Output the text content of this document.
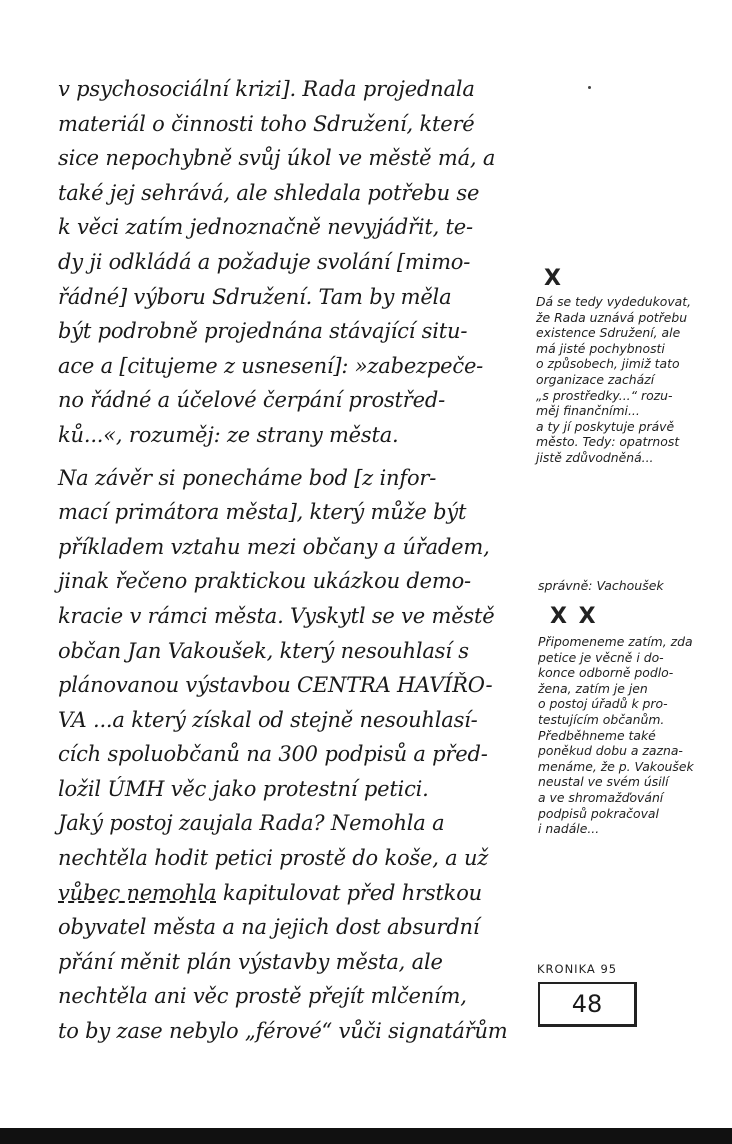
v psychosociální krizi]. Rada projednala
materiál o činnosti toho Sdružení, které
sice nepochybně svůj úkol ve městě má, a
také jej sehrává, ale shledala potřebu se
k věci zatím jednoznačně nevyjádřit, te-
dy ji odkládá a požaduje svolání [mimo-
řádné] výboru Sdružení. Tam by měla
být podrobně projednána stávající situ-
ace a [citujeme z usnesení]: »zabezpeče-
no řádné a účelové čerpání prostřed-
ků...«, rozuměj: ze strany města.
Na závěr si ponecháme bod [z infor-
mací primátora města], který může být
příkladem vztahu mezi občany a úřadem,
jinak řečeno praktickou ukázkou demo-
kracie v rámci města. Vyskytl se ve městě
občan Jan Vakoušek, který nesouhlasí s
plánovanou výstavbou CENTRA HAVÍŘO-
VA ...a který získal od stejně nesouhlasí-
cích spoluobčanů na 300 podpisů a před-
ložil ÚMH věc jako protestní petici.
Jaký postoj zaujala Rada? Nemohla a
nechtěla hodit petici prostě do koše, a už
vůbec nemohla kapitulovat před hrstkou
obyvatel města a na jejich dost absurdní
přání měnit plán výstavby města, ale
nechtěla ani věc prostě přejít mlčením,
to by zase nebylo „férové“ vůči signatářům
X
Dá se tedy vydedukovat,
že Rada uznává potřebu
existence Sdružení, ale
má jisté pochybnosti
o způsobech, jimiž tato
organizace zachází
„s prostředky...“ rozu-
měj finančními...
a ty jí poskytuje právě
město. Tedy: opatrnost
jistě zdůvodněná...
správně: Vachoušek
X X
Připomeneme zatím, zda
petice je věcně i do-
konce odborně podlo-
žena, zatím je jen
o postoj úřadů k pro-
testujícím občanům.
Předběhneme také
poněkud dobu a zazna-
menáme, že p. Vakoušek
neustal ve svém úsilí
a ve shromažďování
podpisů pokračoval
i nadále...
KRONIKA 95
48
